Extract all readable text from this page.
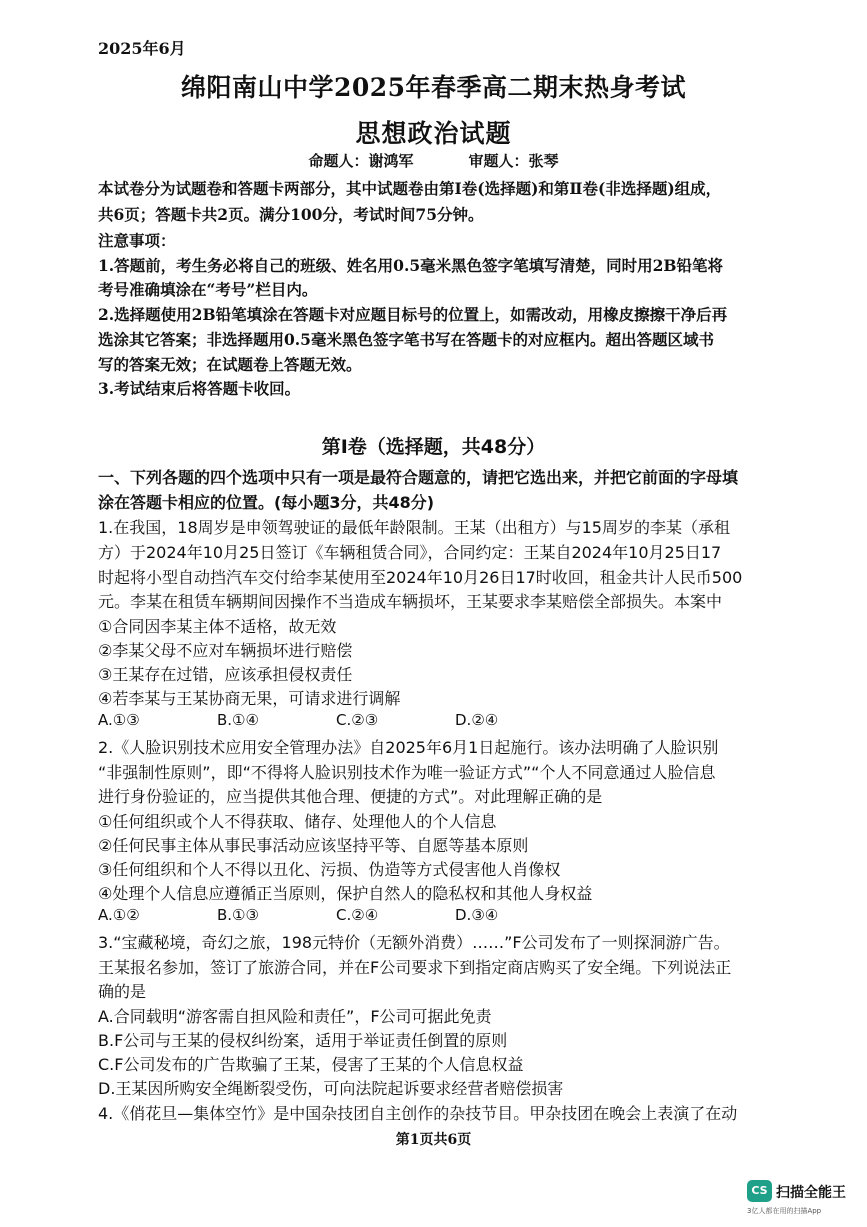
2025年6月
绵阳南山中学2025年春季高二期末热身考试
思想政治试题
命题人：谢鸿军	审题人：张琴
本试卷分为试题卷和答题卡两部分，其中试题卷由第Ⅰ卷(选择题)和第Ⅱ卷(非选择题)组成，
共6页；答题卡共2页。满分100分，考试时间75分钟。
注意事项：
1.答题前，考生务必将自己的班级、姓名用0.5毫米黑色签字笔填写清楚，同时用2B铅笔将
考号准确填涂在“考号”栏目内。
2.选择题使用2B铅笔填涂在答题卡对应题目标号的位置上，如需改动，用橡皮擦擦干净后再
选涂其它答案；非选择题用0.5毫米黑色签字笔书写在答题卡的对应框内。超出答题区域书
写的答案无效；在试题卷上答题无效。
3.考试结束后将答题卡收回。
第Ⅰ卷（选择题，共48分）
一、下列各题的四个选项中只有一项是最符合题意的，请把它选出来，并把它前面的字母填
涂在答题卡相应的位置。(每小题3分，共48分)
1.在我国，18周岁是申领驾驶证的最低年龄限制。王某（出租方）与15周岁的李某（承租
方）于2024年10月25日签订《车辆租赁合同》，合同约定：王某自2024年10月25日17
时起将小型自动挡汽车交付给李某使用至2024年10月26日17时收回，租金共计人民币500
元。李某在租赁车辆期间因操作不当造成车辆损坏，王某要求李某赔偿全部损失。本案中
①合同因李某主体不适格，故无效
②李某父母不应对车辆损坏进行赔偿
③王某存在过错，应该承担侵权责任
④若李某与王某协商无果，可请求进行调解
A.①③	B.①④	C.②③	D.②④
2.《人脸识别技术应用安全管理办法》自2025年6月1日起施行。该办法明确了人脸识别
“非强制性原则”，即“不得将人脸识别技术作为唯一验证方式”“个人不同意通过人脸信息
进行身份验证的，应当提供其他合理、便捷的方式”。对此理解正确的是
①任何组织或个人不得获取、储存、处理他人的个人信息
②任何民事主体从事民事活动应该坚持平等、自愿等基本原则
③任何组织和个人不得以丑化、污损、伪造等方式侵害他人肖像权
④处理个人信息应遵循正当原则，保护自然人的隐私权和其他人身权益
A.①②	B.①③	C.②④	D.③④
3.“宝藏秘境，奇幻之旅，198元特价（无额外消费）……”F公司发布了一则探洞游广告。
王某报名参加，签订了旅游合同，并在F公司要求下到指定商店购买了安全绳。下列说法正
确的是
A.合同载明“游客需自担风险和责任”，F公司可据此免责
B.F公司与王某的侵权纠纷案，适用于举证责任倒置的原则
C.F公司发布的广告欺骗了王某，侵害了王某的个人信息权益
D.王某因所购安全绳断裂受伤，可向法院起诉要求经营者赔偿损害
4.《俏花旦—集体空竹》是中国杂技团自主创作的杂技节目。甲杂技团在晚会上表演了在动
第1页共6页
CS 扫描全能王
3亿人都在用的扫描App
